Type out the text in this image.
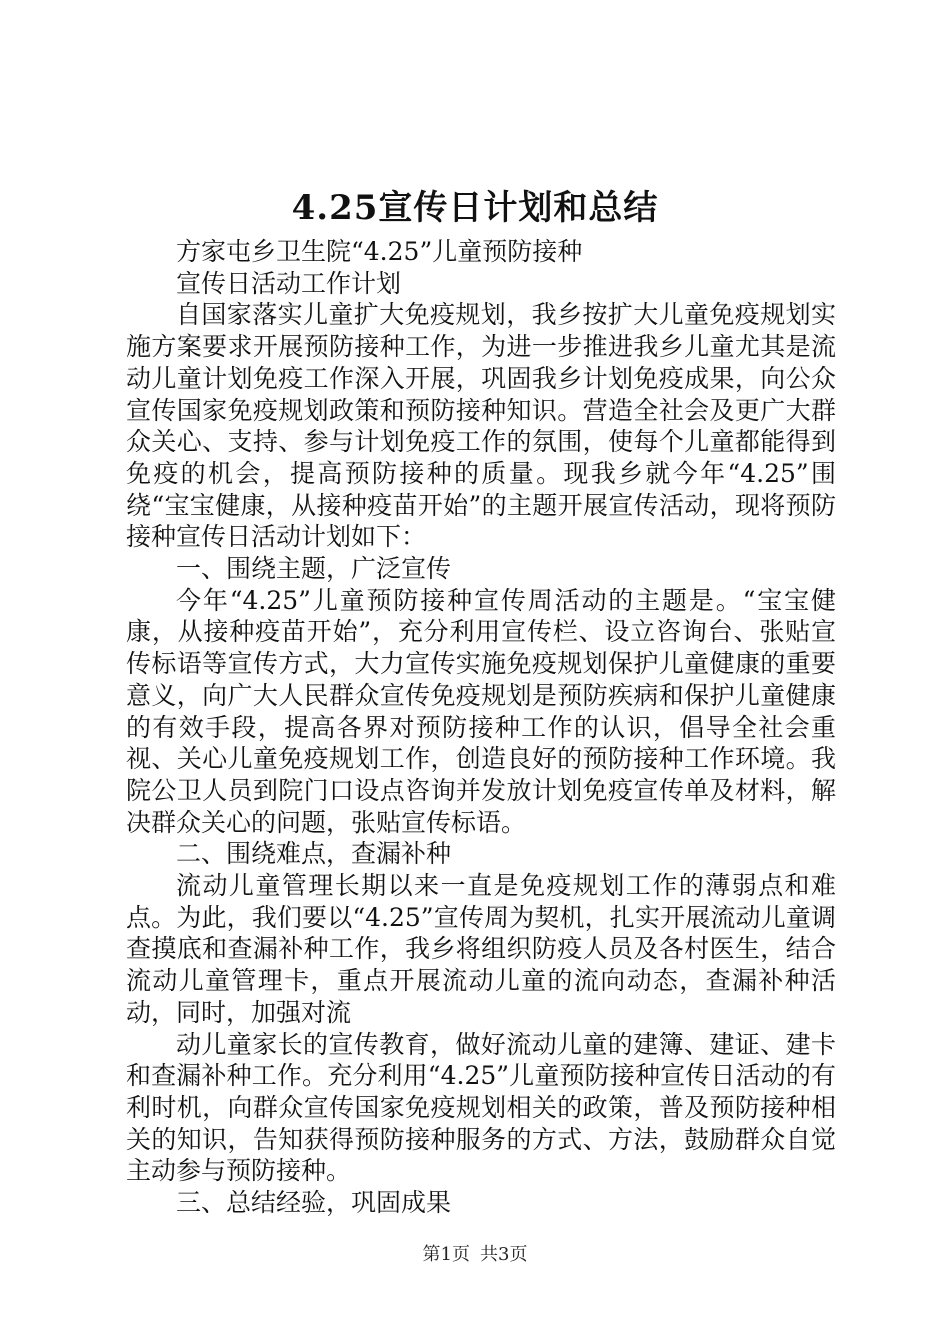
4.25宣传日计划和总结

方家屯乡卫生院“4.25”儿童预防接种

宣传日活动工作计划

自国家落实儿童扩大免疫规划，我乡按扩大儿童免疫规划实施方案要求开展预防接种工作，为进一步推进我乡儿童尤其是流动儿童计划免疫工作深入开展，巩固我乡计划免疫成果，向公众宣传国家免疫规划政策和预防接种知识。营造全社会及更广大群众关心、支持、参与计划免疫工作的氛围，使每个儿童都能得到免疫的机会，提高预防接种的质量。现我乡就今年“4.25”围绕“宝宝健康，从接种疫苗开始”的主题开展宣传活动，现将预防接种宣传日活动计划如下：

一、围绕主题，广泛宣传

今年“4.25”儿童预防接种宣传周活动的主题是。“宝宝健康，从接种疫苗开始”，充分利用宣传栏、设立咨询台、张贴宣传标语等宣传方式，大力宣传实施免疫规划保护儿童健康的重要意义，向广大人民群众宣传免疫规划是预防疾病和保护儿童健康的有效手段，提高各界对预防接种工作的认识，倡导全社会重视、关心儿童免疫规划工作，创造良好的预防接种工作环境。我院公卫人员到院门口设点咨询并发放计划免疫宣传单及材料，解决群众关心的问题，张贴宣传标语。

二、围绕难点，查漏补种

流动儿童管理长期以来一直是免疫规划工作的薄弱点和难点。为此，我们要以“4.25”宣传周为契机，扎实开展流动儿童调查摸底和查漏补种工作，我乡将组织防疫人员及各村医生，结合流动儿童管理卡，重点开展流动儿童的流向动态，查漏补种活动，同时，加强对流

动儿童家长的宣传教育，做好流动儿童的建簿、建证、建卡和查漏补种工作。充分利用“4.25”儿童预防接种宣传日活动的有利时机，向群众宣传国家免疫规划相关的政策，普及预防接种相关的知识，告知获得预防接种服务的方式、方法，鼓励群众自觉主动参与预防接种。

三、总结经验，巩固成果

第1页 共3页
